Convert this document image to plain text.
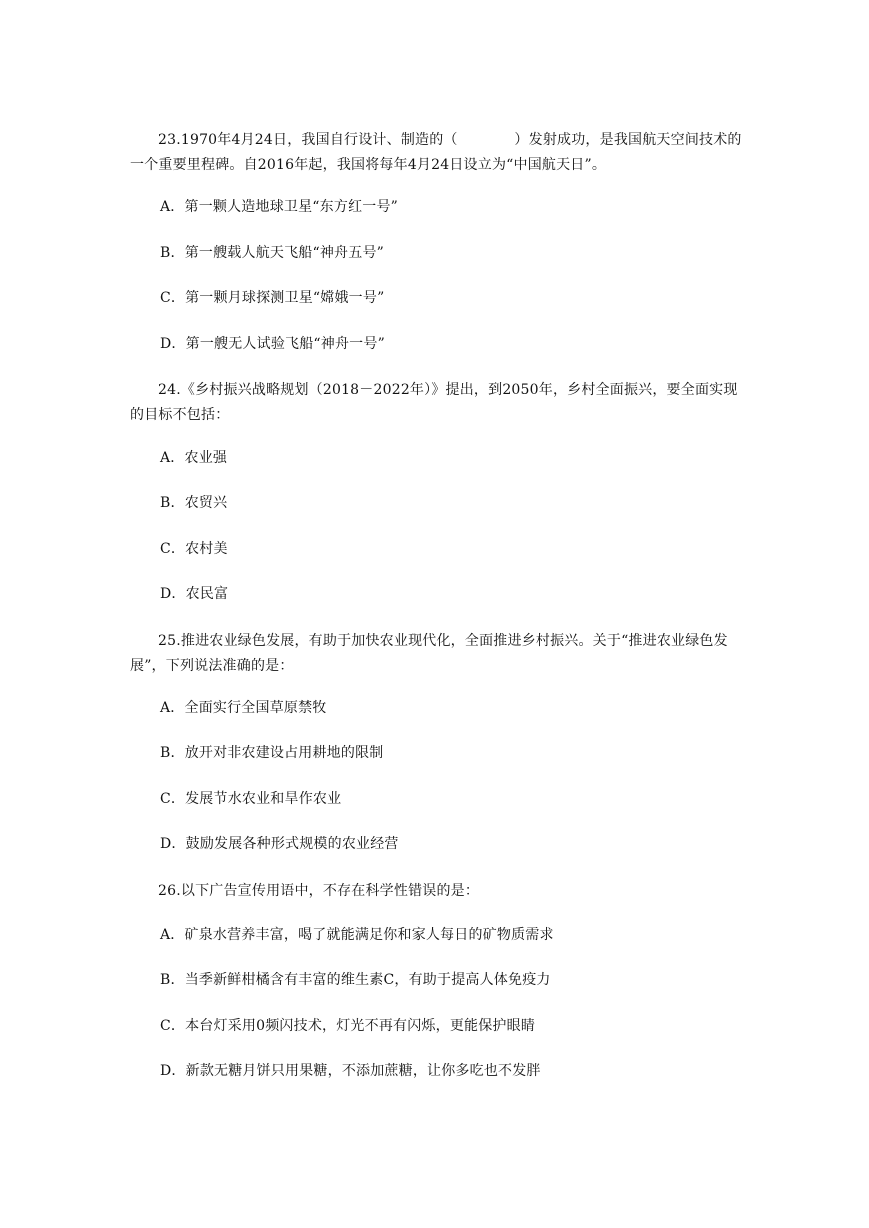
23.1970年4月24日，我国自行设计、制造的（　　　　）发射成功，是我国航天空间技术的一个重要里程碑。自2016年起，我国将每年4月24日设立为“中国航天日”。

A．第一颗人造地球卫星“东方红一号”

B．第一艘载人航天飞船“神舟五号”

C．第一颗月球探测卫星“嫦娥一号”

D．第一艘无人试验飞船“神舟一号”

24.《乡村振兴战略规划（2018－2022年）》提出，到2050年，乡村全面振兴，要全面实现的目标不包括：

A．农业强

B．农贸兴

C．农村美

D．农民富

25.推进农业绿色发展，有助于加快农业现代化，全面推进乡村振兴。关于“推进农业绿色发展”，下列说法准确的是：

A．全面实行全国草原禁牧

B．放开对非农建设占用耕地的限制

C．发展节水农业和旱作农业

D．鼓励发展各种形式规模的农业经营

26.以下广告宣传用语中，不存在科学性错误的是：

A．矿泉水营养丰富，喝了就能满足你和家人每日的矿物质需求

B．当季新鲜柑橘含有丰富的维生素C，有助于提高人体免疫力

C．本台灯采用0频闪技术，灯光不再有闪烁，更能保护眼睛

D．新款无糖月饼只用果糖，不添加蔗糖，让你多吃也不发胖
